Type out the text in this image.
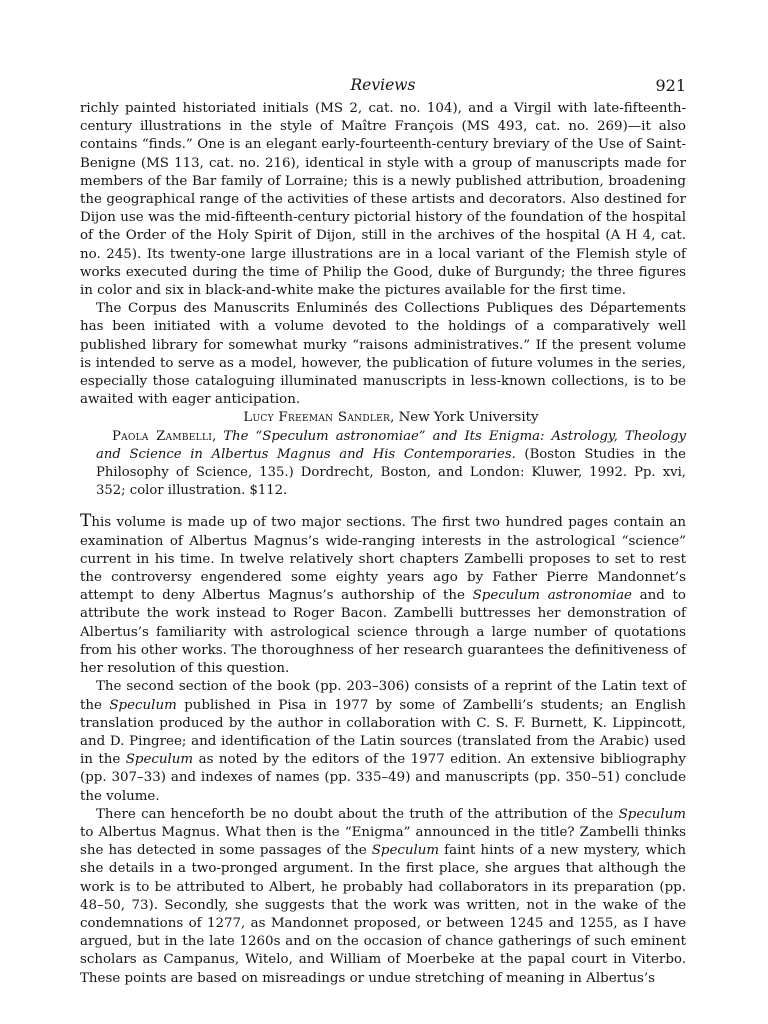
Reviews	921

richly painted historiated initials (MS 2, cat. no. 104), and a Virgil with late-fifteenth-century illustrations in the style of Maître François (MS 493, cat. no. 269)—it also contains “finds.” One is an elegant early-fourteenth-century breviary of the Use of Saint-Benigne (MS 113, cat. no. 216), identical in style with a group of manuscripts made for members of the Bar family of Lorraine; this is a newly published attribution, broadening the geographical range of the activities of these artists and decorators. Also destined for Dijon use was the mid-fifteenth-century pictorial history of the foundation of the hospital of the Order of the Holy Spirit of Dijon, still in the archives of the hospital (A H 4, cat. no. 245). Its twenty-one large illustrations are in a local variant of the Flemish style of works executed during the time of Philip the Good, duke of Burgundy; the three figures in color and six in black-and-white make the pictures available for the first time.

The Corpus des Manuscrits Enluminés des Collections Publiques des Départements has been initiated with a volume devoted to the holdings of a comparatively well published library for somewhat murky “raisons administratives.” If the present volume is intended to serve as a model, however, the publication of future volumes in the series, especially those cataloguing illuminated manuscripts in less-known collections, is to be awaited with eager anticipation.

Lucy Freeman Sandler, New York University

Paola Zambelli, The “Speculum astronomiae” and Its Enigma: Astrology, Theology and Science in Albertus Magnus and His Contemporaries. (Boston Studies in the Philosophy of Science, 135.) Dordrecht, Boston, and London: Kluwer, 1992. Pp. xvi, 352; color illustration. $112.

This volume is made up of two major sections. The first two hundred pages contain an examination of Albertus Magnus’s wide-ranging interests in the astrological “science” current in his time. In twelve relatively short chapters Zambelli proposes to set to rest the controversy engendered some eighty years ago by Father Pierre Mandonnet’s attempt to deny Albertus Magnus’s authorship of the Speculum astronomiae and to attribute the work instead to Roger Bacon. Zambelli buttresses her demonstration of Albertus’s familiarity with astrological science through a large number of quotations from his other works. The thoroughness of her research guarantees the definitiveness of her resolution of this question.

The second section of the book (pp. 203–306) consists of a reprint of the Latin text of the Speculum published in Pisa in 1977 by some of Zambelli’s students; an English translation produced by the author in collaboration with C. S. F. Burnett, K. Lippincott, and D. Pingree; and identification of the Latin sources (translated from the Arabic) used in the Speculum as noted by the editors of the 1977 edition. An extensive bibliography (pp. 307–33) and indexes of names (pp. 335–49) and manuscripts (pp. 350–51) conclude the volume.

There can henceforth be no doubt about the truth of the attribution of the Speculum to Albertus Magnus. What then is the “Enigma” announced in the title? Zambelli thinks she has detected in some passages of the Speculum faint hints of a new mystery, which she details in a two-pronged argument. In the first place, she argues that although the work is to be attributed to Albert, he probably had collaborators in its preparation (pp. 48–50, 73). Secondly, she suggests that the work was written, not in the wake of the condemnations of 1277, as Mandonnet proposed, or between 1245 and 1255, as I have argued, but in the late 1260s and on the occasion of chance gatherings of such eminent scholars as Campanus, Witelo, and William of Moerbeke at the papal court in Viterbo. These points are based on misreadings or undue stretching of meaning in Albertus’s
